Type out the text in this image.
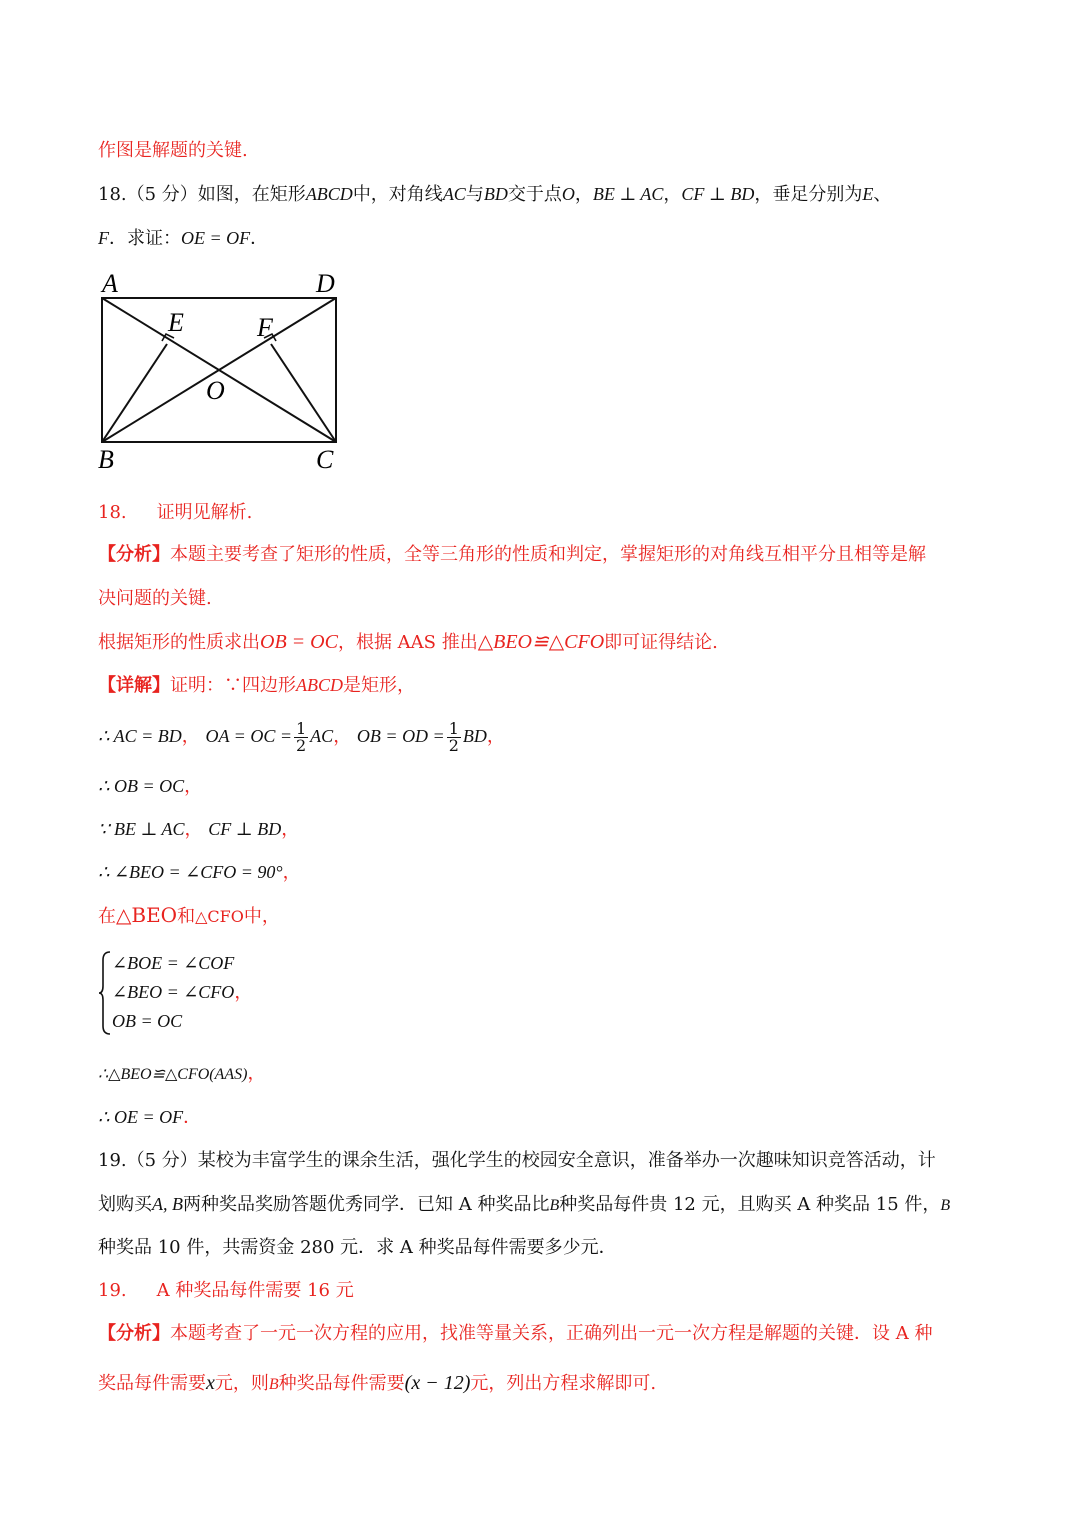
作图是解题的关键.
18.（5 分）如图，在矩形ABCD中，对角线AC与BD交于点O，BE ⊥ AC，CF ⊥ BD，垂足分别为E、
F．求证：OE = OF．
A	D
B	C
E	F
O
18. 证明见解析.
【分析】本题主要考查了矩形的性质，全等三角形的性质和判定，掌握矩形的对角线互相平分且相等是解
决问题的关键.
根据矩形的性质求出OB = OC，根据 AAS 推出△BEO≌△CFO即可证得结论.
【详解】证明：∵四边形ABCD是矩形，
∴ AC = BD， OA = OC = $\frac{1}{2}$ AC， OB = OD = $\frac{1}{2}$ BD，
∴ OB = OC，
∵ BE ⊥ AC， CF ⊥ BD，
∴ ∠BEO = ∠CFO = 90°，
在△BEO和△CFO中，
∠BOE = ∠COF
∠BEO = ∠CFO，
OB = OC
∴△BEO≌△CFO(AAS)，
∴ OE = OF．
19.（5 分）某校为丰富学生的课余生活，强化学生的校园安全意识，准备举办一次趣味知识竞答活动，计
划购买A, B两种奖品奖励答题优秀同学．已知 A 种奖品比B种奖品每件贵 12 元，且购买 A 种奖品 15 件，B
种奖品 10 件，共需资金 280 元．求 A 种奖品每件需要多少元．
19. A 种奖品每件需要 16 元
【分析】本题考查了一元一次方程的应用，找准等量关系，正确列出一元一次方程是解题的关键．设 A 种
奖品每件需要x元，则B种奖品每件需要(x − 12)元，列出方程求解即可.
